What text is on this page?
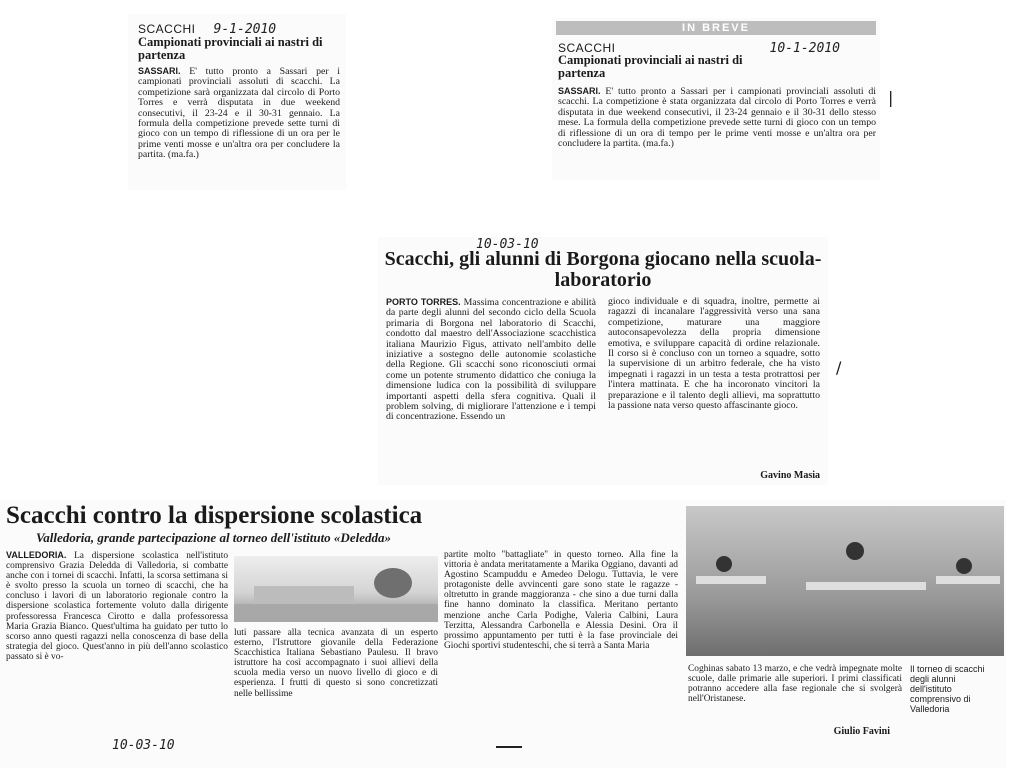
SCACCHI 9-1-2010
Campionati provinciali ai nastri di partenza
SASSARI. E' tutto pronto a Sassari per i campionati provinciali assoluti di scacchi. La competizione sarà organizzata dal circolo di Porto Torres e verrà disputata in due weekend consecutivi, il 23-24 e il 30-31 gennaio. La formula della competizione prevede sette turni di gioco con un tempo di riflessione di un ora per le prime venti mosse e un'altra ora per concludere la partita. (ma.fa.)
IN BREVE
SCACCHI	10-1-2010
Campionati provinciali ai nastri di partenza
SASSARI. E' tutto pronto a Sassari per i campionati provinciali assoluti di scacchi. La competizione è stata organizzata dal circolo di Porto Torres e verrà disputata in due weekend consecutivi, il 23-24 gennaio e il 30-31 dello stesso mese. La formula della competizione prevede sette turni di gioco con un tempo di riflessione di un ora di tempo per le prime venti mosse e un'altra ora per concludere la partita. (ma.fa.)
|
10-03-10
Scacchi, gli alunni di Borgona giocano nella scuola-laboratorio
PORTO TORRES. Massima concentrazione e abilità da parte degli alunni del secondo ciclo della Scuola primaria di Borgona nel laboratorio di Scacchi, condotto dal maestro dell'Associazione scacchistica italiana Maurizio Figus, attivato nell'ambito delle iniziative a sostegno delle autonomie scolastiche della Regione. Gli scacchi sono riconosciuti ormai come un potente strumento didattico che coniuga la dimensione ludica con la possibilità di sviluppare importanti aspetti della sfera cognitiva. Quali il problem solving, di migliorare l'attenzione e i tempi di concentrazione. Essendo un
gioco individuale e di squadra, inoltre, permette ai ragazzi di incanalare l'aggressività verso una sana competizione, maturare una maggiore autoconsapevolezza della propria dimensione emotiva, e sviluppare capacità di ordine relazionale. Il corso si è concluso con un torneo a squadre, sotto la supervisione di un arbitro federale, che ha visto impegnati i ragazzi in un testa a testa protrattosi per l'intera mattinata. E che ha incoronato vincitori la preparazione e il talento degli allievi, ma soprattutto la passione nata verso questo affascinante gioco.
Gavino Masia
/
Scacchi contro la dispersione scolastica
Valledoria, grande partecipazione al torneo dell'istituto «Deledda»
VALLEDORIA. La dispersione scolastica nell'istituto comprensivo Grazia Deledda di Valledoria, si combatte anche con i tornei di scacchi. Infatti, la scorsa settimana si è svolto presso la scuola un torneo di scacchi, che ha concluso i lavori di un laboratorio regionale contro la dispersione scolastica fortemente voluto dalla dirigente professoressa Francesca Cirotto e dalla professoressa Maria Grazia Bianco. Quest'ultima ha guidato per tutto lo scorso anno questi ragazzi nella conoscenza di base della strategia del gioco. Quest'anno in più dell'anno scolastico passato si è vo-
luti passare alla tecnica avanzata di un esperto esterno, l'Istruttore giovanile della Federazione Scacchistica Italiana Sebastiano Paulesu. Il bravo istruttore ha così accompagnato i suoi allievi della scuola media verso un nuovo livello di gioco e di esperienza. I frutti di questo si sono concretizzati nelle bellissime
partite molto "battagliate" in questo torneo. Alla fine la vittoria è andata meritatamente a Marika Oggiano, davanti ad Agostino Scampuddu e Amedeo Delogu. Tuttavia, le vere protagoniste delle avvincenti gare sono state le ragazze - oltretutto in grande maggioranza - che sino a due turni dalla fine hanno dominato la classifica. Meritano pertanto menzione anche Carla Podighe, Valeria Calbini, Laura Terzitta, Alessandra Carbonella e Alessia Desini. Ora il prossimo appuntamento per tutti è la fase provinciale dei Giochi sportivi studenteschi, che si terrà a Santa Maria
Coghinas sabato 13 marzo, e che vedrà impegnate molte scuole, dalle primarie alle superiori. I primi classificati potranno accedere alla fase regionale che si svolgerà nell'Oristanese.
Giulio Favini
Il torneo di scacchi degli alunni dell'istituto comprensivo di Valledoria
10-03-10
